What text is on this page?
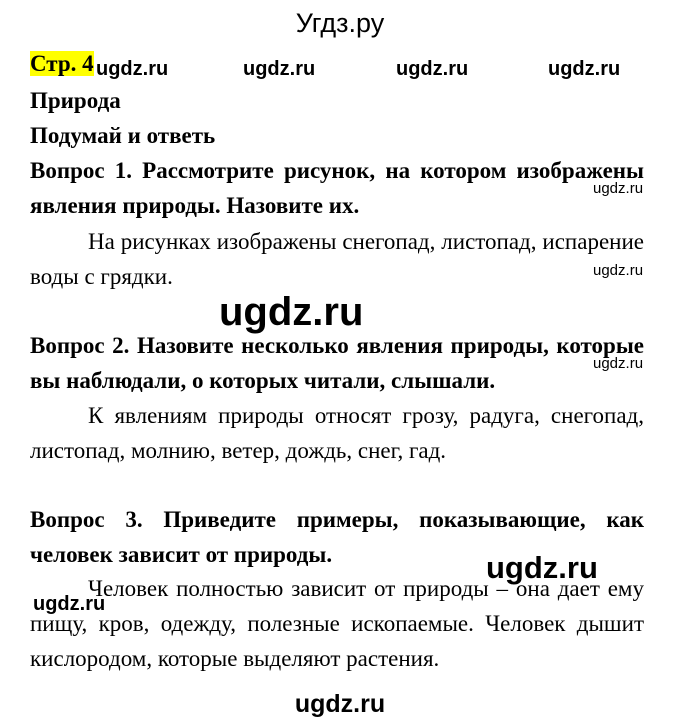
Угдз.ру
Стр. 4 ugdz.ru	ugdz.ru	ugdz.ru	ugdz.ru
Природа
Подумай и ответь
Вопрос 1. Рассмотрите рисунок, на котором изображены
ugdz.ru
явления природы. Назовите их.
На рисунках изображены снегопад, листопад, испарение
воды с грядки.	ugdz.ru
ugdz.ru
Вопрос 2. Назовите несколько явления природы, которые
ugdz.ru
вы наблюдали, о которых читали, слышали.
К явлениям природы относят грозу, радуга, снегопад,
листопад, молнию, ветер, дождь, снег, гад.
Вопрос 3. Приведите примеры, показывающие, как
человек зависит от природы.	ugdz.ru
Человек полностью зависит от природы – она дает ему
ugdz.ru
пищу, кров, одежду, полезные ископаемые. Человек дышит
кислородом, которые выделяют растения.
ugdz.ru
